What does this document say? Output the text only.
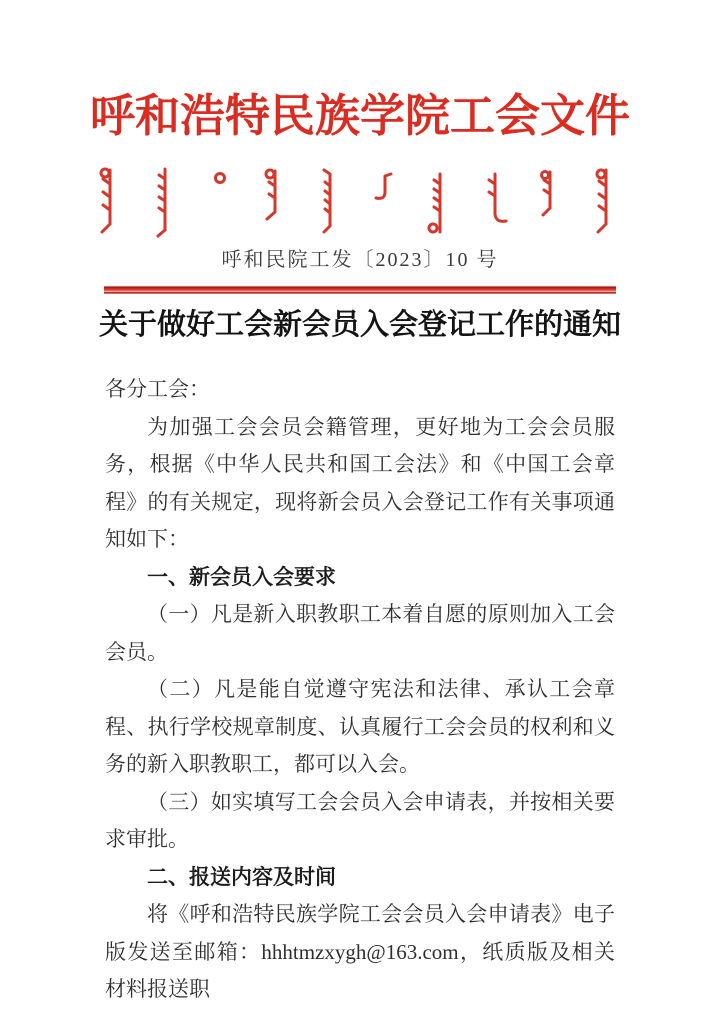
呼和浩特民族学院工会文件
呼和民院工发〔2023〕10 号
关于做好工会新会员入会登记工作的通知

各分工会：

为加强工会会员会籍管理，更好地为工会会员服务，根据《中华人民共和国工会法》和《中国工会章程》的有关规定，现将新会员入会登记工作有关事项通知如下：

一、新会员入会要求

（一）凡是新入职教职工本着自愿的原则加入工会会员。

（二）凡是能自觉遵守宪法和法律、承认工会章程、执行学校规章制度、认真履行工会会员的权利和义务的新入职教职工，都可以入会。

（三）如实填写工会会员入会申请表，并按相关要求审批。

二、报送内容及时间

将《呼和浩特民族学院工会会员入会申请表》电子版发送至邮箱：hhhtmzxygh@163.com，纸质版及相关材料报送职
